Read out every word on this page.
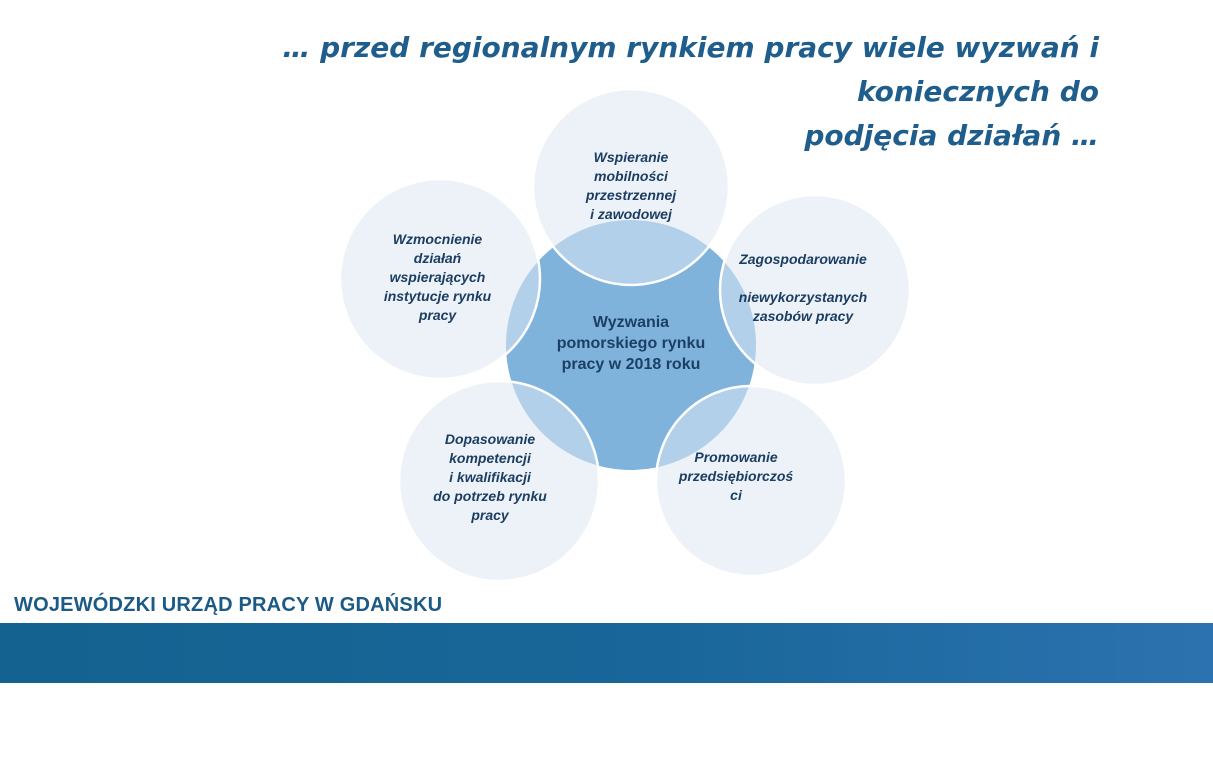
… przed regionalnym rynkiem pracy wiele wyzwań i koniecznych do
podjęcia działań …
Wyzwania
pomorskiego rynku
pracy w 2018 roku
Wspieranie
mobilności
przestrzennej
i zawodowej
Zagospodarowanie

niewykorzystanych
zasobów pracy
Promowanie
przedsiębiorczoś
ci
Dopasowanie
kompetencji
i kwalifikacji
do potrzeb rynku
pracy
Wzmocnienie
działań
wspierających
instytucje rynku
pracy
WOJEWÓDZKI URZĄD PRACY W GDAŃSKU
